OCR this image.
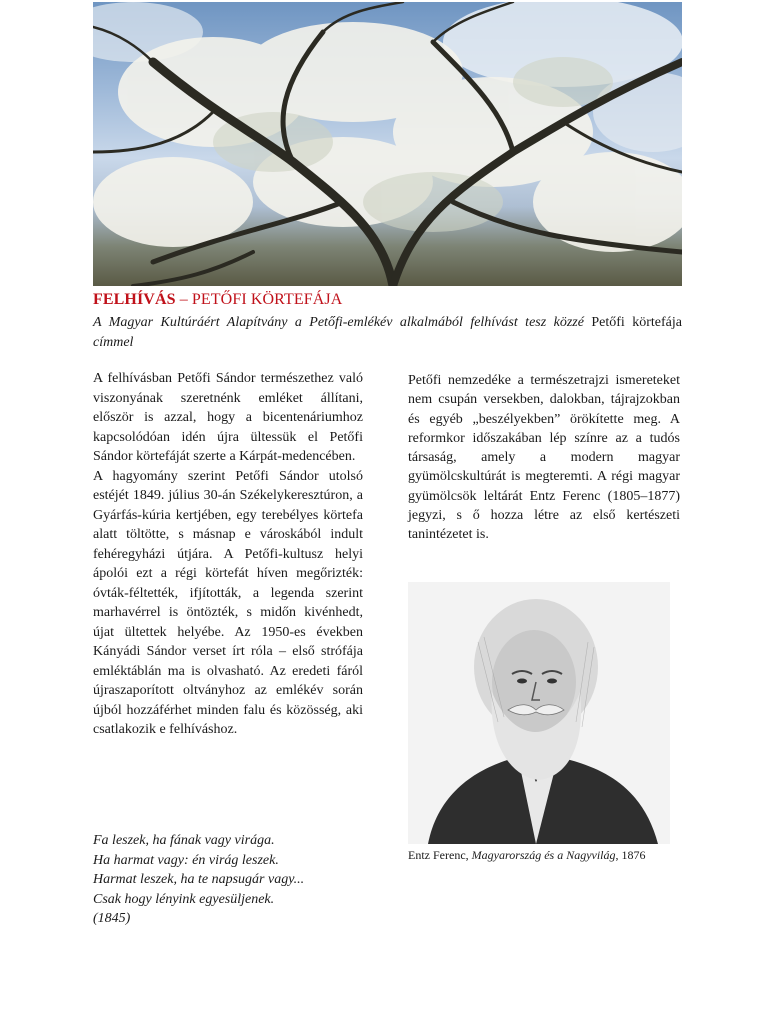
FELHÍVÁS – PETŐFI KÖRTEFÁJA
A Magyar Kultúráért Alapítvány a Petőfi-emlékév alkalmából felhívást tesz közzé Petőfi körtefája címmel

A felhívásban Petőfi Sándor természethez való viszonyának szeretnénk emléket állítani, először is azzal, hogy a bicentenáriumhoz kapcsolódóan idén újra ültessük el Petőfi Sándor körtefáját szerte a Kárpát-medencében.

A hagyomány szerint Petőfi Sándor utolsó estéjét 1849. július 30-án Székelykeresztúron, a Gyárfás-kúria kertjében, egy terebélyes körtefa alatt töltötte, s másnap e városkából indult fehéregyházi útjára. A Petőfi-kultusz helyi ápolói ezt a régi körtefát híven megőrizték: óvták-féltették, ifjították, a legenda szerint marhavérrel is öntözték, s midőn kivénhedt, újat ültettek helyébe. Az 1950-es években Kányádi Sándor verset írt róla – első strófája emléktáblán ma is olvasható. Az eredeti fáról újraszaporított oltványhoz az emlékév során újból hozzáférhet minden falu és közösség, aki csatlakozik e felhíváshoz.

Petőfi nemzedéke a természetrajzi ismereteket nem csupán versekben, dalokban, tájrajzokban és egyéb „beszélyekben” örökítette meg. A reformkor időszakában lép színre az a tudós társaság, amely a modern magyar gyümölcskultúrát is megteremti. A régi magyar gyümölcsök leltárát Entz Ferenc (1805–1877) jegyzi, s ő hozza létre az első kertészeti tanintézetet is.

Entz Ferenc, Magyarország és a Nagyvilág, 1876
Fa leszek, ha fának vagy virága.
Ha harmat vagy: én virág leszek.
Harmat leszek, ha te napsugár vagy...
Csak hogy lényink egyesüljenek.
(1845)
